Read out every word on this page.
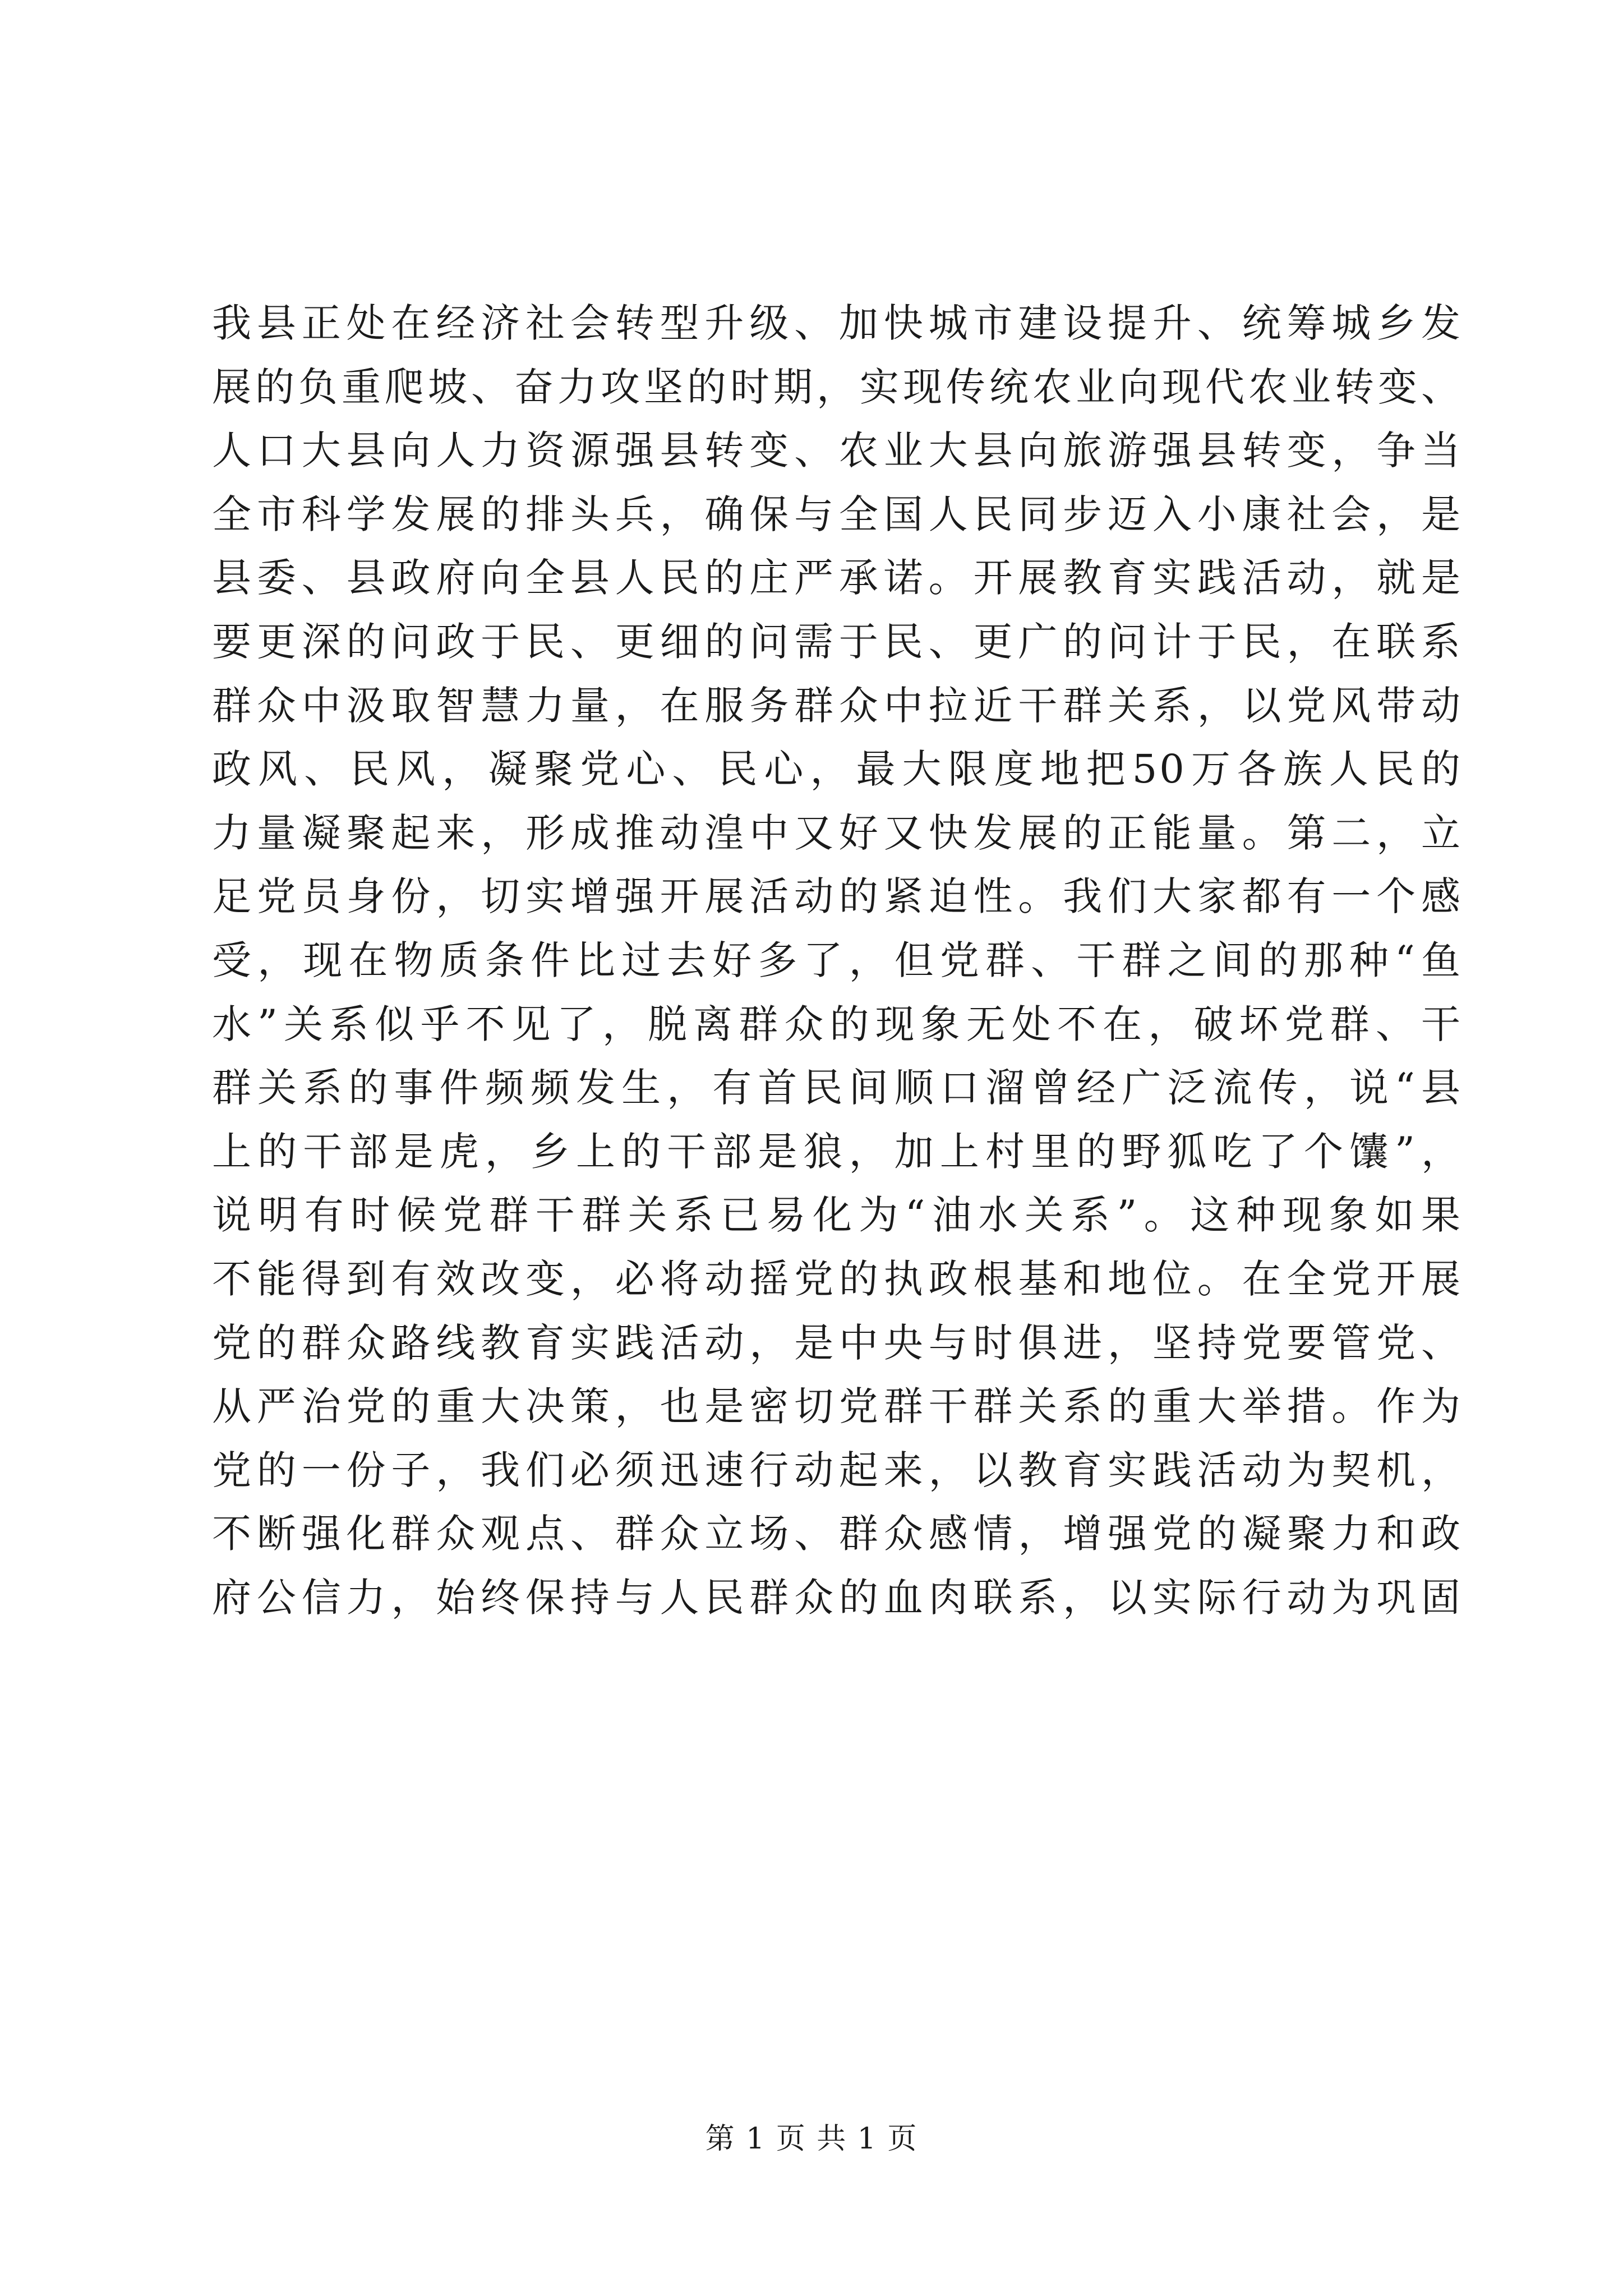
我县正处在经济社会转型升级、加快城市建设提升、统筹城乡发
展的负重爬坡、奋力攻坚的时期，实现传统农业向现代农业转变、
人口大县向人力资源强县转变、农业大县向旅游强县转变，争当
全市科学发展的排头兵，确保与全国人民同步迈入小康社会，是
县委、县政府向全县人民的庄严承诺。开展教育实践活动，就是
要更深的问政于民、更细的问需于民、更广的问计于民，在联系
群众中汲取智慧力量，在服务群众中拉近干群关系，以党风带动
政风、民风，凝聚党心、民心，最大限度地把50万各族人民的
力量凝聚起来，形成推动湟中又好又快发展的正能量。第二，立
足党员身份，切实增强开展活动的紧迫性。我们大家都有一个感
受，现在物质条件比过去好多了，但党群、干群之间的那种“鱼
水”关系似乎不见了，脱离群众的现象无处不在，破坏党群、干
群关系的事件频频发生，有首民间顺口溜曾经广泛流传，说“县
上的干部是虎，乡上的干部是狼，加上村里的野狐吃了个馕”，
说明有时候党群干群关系已易化为“油水关系”。这种现象如果
不能得到有效改变，必将动摇党的执政根基和地位。在全党开展
党的群众路线教育实践活动，是中央与时俱进，坚持党要管党、
从严治党的重大决策，也是密切党群干群关系的重大举措。作为
党的一份子，我们必须迅速行动起来，以教育实践活动为契机，
不断强化群众观点、群众立场、群众感情，增强党的凝聚力和政
府公信力，始终保持与人民群众的血肉联系，以实际行动为巩固
第 1 页 共 1 页
